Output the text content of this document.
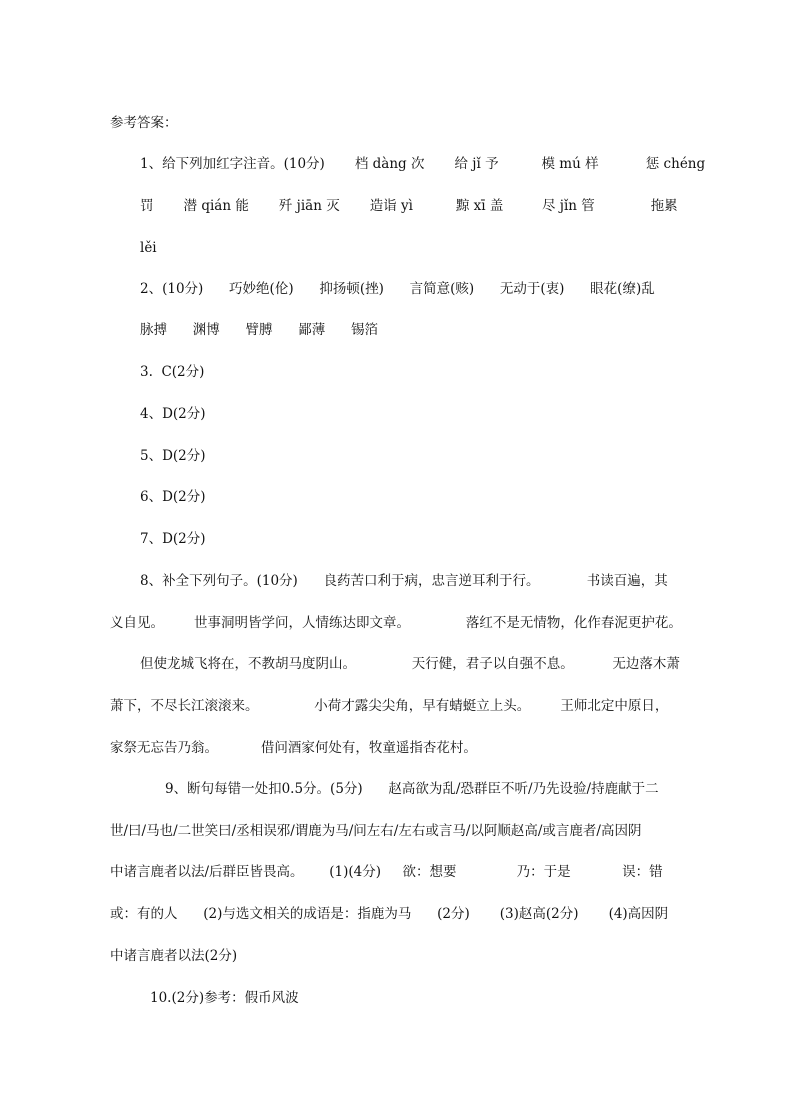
参考答案：
1、给下列加红字注音。(10分)       档 dàng 次       给 jǐ 予          模 mú 样           惩 chéng
罚       潜 qián 能       歼 jiān 灭       造诣 yì          黥 xī 盖         尽 jǐn 管             拖累
lěi
2、(10分)      巧妙绝(伦)      抑扬顿(挫)      言简意(赅)      无动于(衷)      眼花(缭)乱
脉搏      渊博      臂膊      鄙薄      锡箔
3.  C(2分)
4、D(2分)
5、D(2分)
6、D(2分)
7、D(2分)
8、补全下列句子。(10分)      良药苦口利于病，忠言逆耳利于行。           书读百遍，其
义自见。       世事洞明皆学问，人情练达即文章。             落红不是无情物，化作春泥更护花。
但使龙城飞将在，不教胡马度阴山。             天行健，君子以自强不息。         无边落木萧
萧下，不尽长江滚滚来。             小荷才露尖尖角，早有蜻蜓立上头。       王师北定中原日，
家祭无忘告乃翁。          借问酒家何处有，牧童遥指杏花村。
9、断句每错一处扣0.5分。(5分)      赵高欲为乱/恐群臣不听/乃先设验/持鹿献于二
世/曰/马也/二世笑曰/丞相误邪/谓鹿为马/问左右/左右或言马/以阿顺赵高/或言鹿者/高因阴
中诸言鹿者以法/后群臣皆畏高。      (1)(4分)     欲：想要              乃：于是            误：错
或：有的人      (2)与选文相关的成语是：指鹿为马      (2分)       (3)赵高(2分)       (4)高因阴
中诸言鹿者以法(2分)
10.(2分)参考：假币风波
